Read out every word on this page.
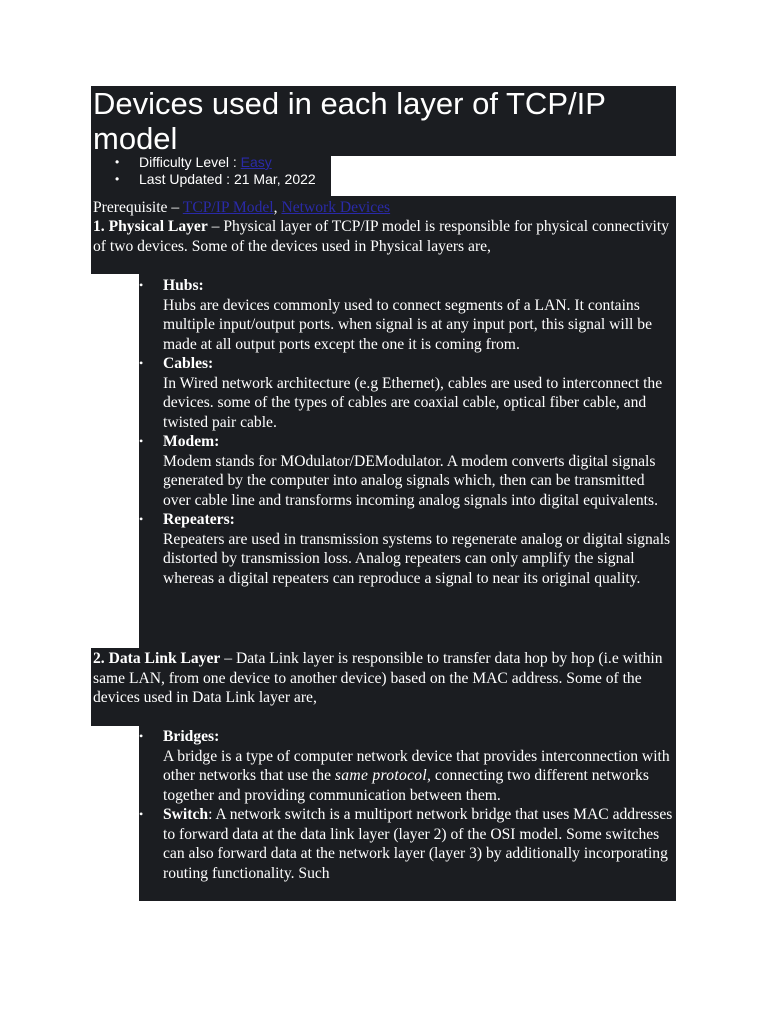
Devices used in each layer of TCP/IP model
• Difficulty Level : Easy
• Last Updated : 21 Mar, 2022

Prerequisite – TCP/IP Model, Network Devices

1. Physical Layer – Physical layer of TCP/IP model is responsible for physical connectivity of two devices. Some of the devices used in Physical layers are,

• Hubs:
Hubs are devices commonly used to connect segments of a LAN. It contains multiple input/output ports. when signal is at any input port, this signal will be made at all output ports except the one it is coming from.
• Cables:
In Wired network architecture (e.g Ethernet), cables are used to interconnect the devices. some of the types of cables are coaxial cable, optical fiber cable, and twisted pair cable.
• Modem:
Modem stands for MOdulator/DEModulator. A modem converts digital signals generated by the computer into analog signals which, then can be transmitted over cable line and transforms incoming analog signals into digital equivalents.
• Repeaters:
Repeaters are used in transmission systems to regenerate analog or digital signals distorted by transmission loss. Analog repeaters can only amplify the signal whereas a digital repeaters can reproduce a signal to near its original quality.

2. Data Link Layer – Data Link layer is responsible to transfer data hop by hop (i.e within same LAN, from one device to another device) based on the MAC address. Some of the devices used in Data Link layer are,

• Bridges:
A bridge is a type of computer network device that provides interconnection with other networks that use the same protocol, connecting two different networks together and providing communication between them.
• Switch: A network switch is a multiport network bridge that uses MAC addresses to forward data at the data link layer (layer 2) of the OSI model. Some switches can also forward data at the network layer (layer 3) by additionally incorporating routing functionality. Such
